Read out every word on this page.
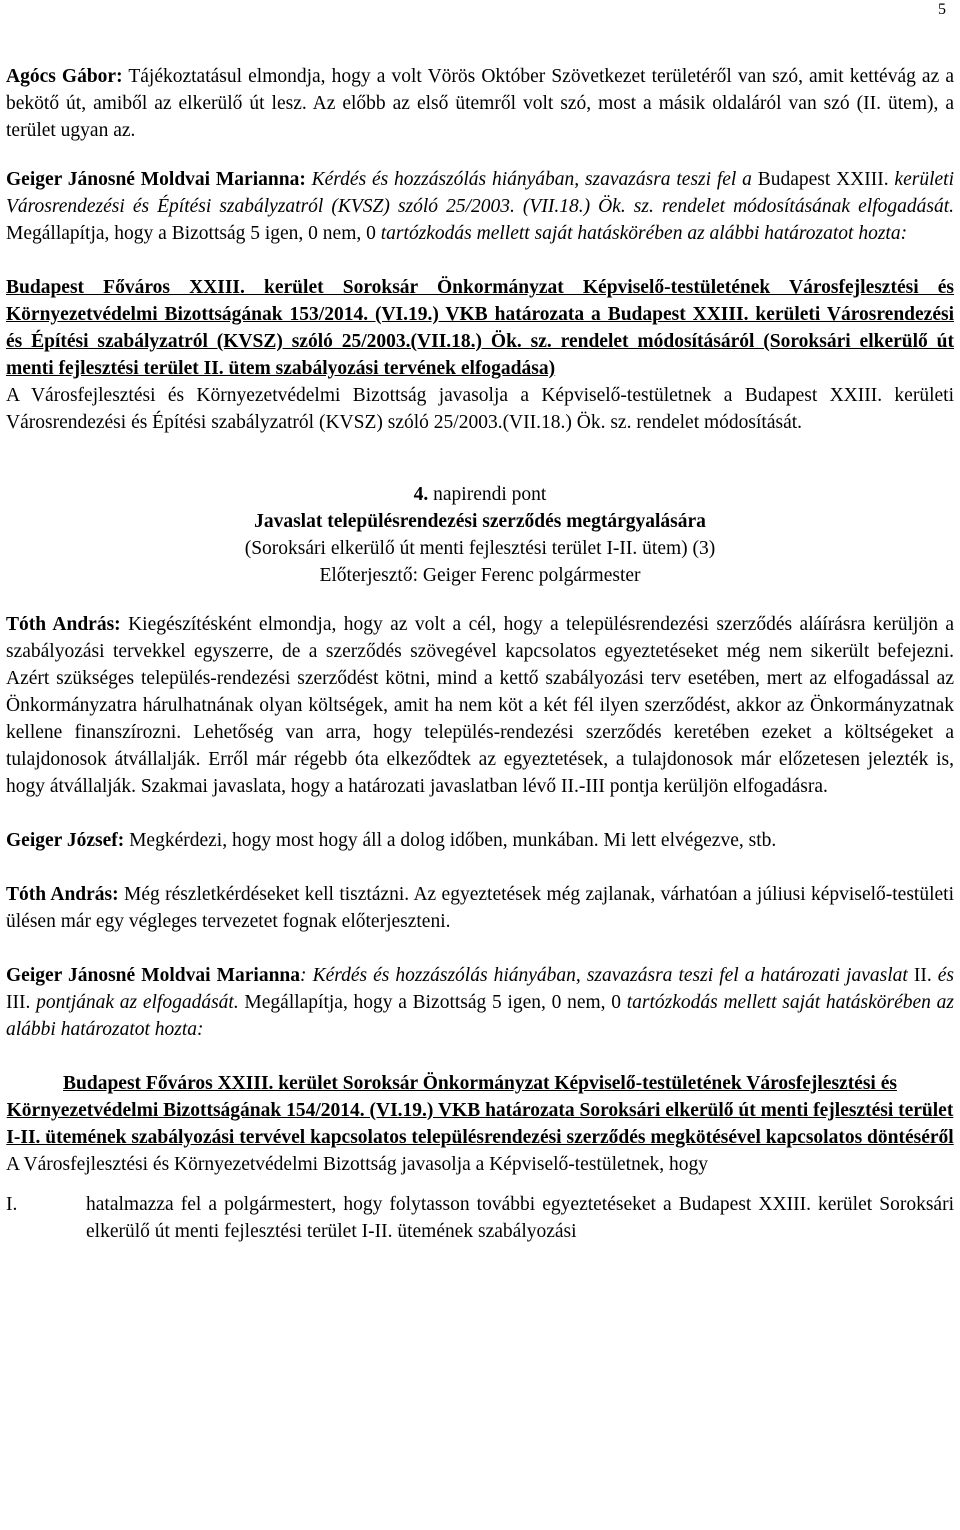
5

Agócs Gábor: Tájékoztatásul elmondja, hogy a volt Vörös Október Szövetkezet területéről van szó, amit kettévág az a bekötő út, amiből az elkerülő út lesz. Az előbb az első ütemről volt szó, most a másik oldaláról van szó (II. ütem), a terület ugyan az.

Geiger Jánosné Moldvai Marianna: Kérdés és hozzászólás hiányában, szavazásra teszi fel a Budapest XXIII. kerületi Városrendezési és Építési szabályzatról (KVSZ) szóló 25/2003. (VII.18.) Ök. sz. rendelet módosításának elfogadását. Megállapítja, hogy a Bizottság 5 igen, 0 nem, 0 tartózkodás mellett saját hatáskörében az alábbi határozatot hozta:

Budapest Főváros XXIII. kerület Soroksár Önkormányzat Képviselő-testületének Városfejlesztési és Környezetvédelmi Bizottságának 153/2014. (VI.19.) VKB határozata a Budapest XXIII. kerületi Városrendezési és Építési szabályzatról (KVSZ) szóló 25/2003.(VII.18.) Ök. sz. rendelet módosításáról (Soroksári elkerülő út menti fejlesztési terület II. ütem szabályozási tervének elfogadása)

A Városfejlesztési és Környezetvédelmi Bizottság javasolja a Képviselő-testületnek a Budapest XXIII. kerületi Városrendezési és Építési szabályzatról (KVSZ) szóló 25/2003.(VII.18.) Ök. sz. rendelet módosítását.

4. napirendi pont

Javaslat településrendezési szerződés megtárgyalására

(Soroksári elkerülő út menti fejlesztési terület I-II. ütem) (3)

Előterjesztő: Geiger Ferenc polgármester

Tóth András: Kiegészítésként elmondja, hogy az volt a cél, hogy a településrendezési szerződés aláírásra kerüljön a szabályozási tervekkel egyszerre, de a szerződés szövegével kapcsolatos egyeztetéseket még nem sikerült befejezni. Azért szükséges település-rendezési szerződést kötni, mind a kettő szabályozási terv esetében, mert az elfogadással az Önkormányzatra hárulhatnának olyan költségek, amit ha nem köt a két fél ilyen szerződést, akkor az Önkormányzatnak kellene finanszírozni. Lehetőség van arra, hogy település-rendezési szerződés keretében ezeket a költségeket a tulajdonosok átvállalják. Erről már régebb óta elkeződtek az egyeztetések, a tulajdonosok már előzetesen jelezték is, hogy átvállalják. Szakmai javaslata, hogy a határozati javaslatban lévő II.-III pontja kerüljön elfogadásra.

Geiger József: Megkérdezi, hogy most hogy áll a dolog időben, munkában. Mi lett elvégezve, stb.

Tóth András: Még részletkérdéseket kell tisztázni. Az egyeztetések még zajlanak, várhatóan a júliusi képviselő-testületi ülésen már egy végleges tervezetet fognak előterjeszteni.

Geiger Jánosné Moldvai Marianna: Kérdés és hozzászólás hiányában, szavazásra teszi fel a határozati javaslat II. és III. pontjának az elfogadását. Megállapítja, hogy a Bizottság 5 igen, 0 nem, 0 tartózkodás mellett saját hatáskörében az alábbi határozatot hozta:

Budapest Főváros XXIII. kerület Soroksár Önkormányzat Képviselő-testületének Városfejlesztési és Környezetvédelmi Bizottságának 154/2014. (VI.19.) VKB határozata Soroksári elkerülő út menti fejlesztési terület I-II. ütemének szabályozási tervével kapcsolatos településrendezési szerződés megkötésével kapcsolatos döntéséről

A Városfejlesztési és Környezetvédelmi Bizottság javasolja a Képviselő-testületnek, hogy

I.	hatalmazza fel a polgármestert, hogy folytasson további egyeztetéseket a Budapest XXIII. kerület Soroksári elkerülő út menti fejlesztési terület I-II. ütemének szabályozási
